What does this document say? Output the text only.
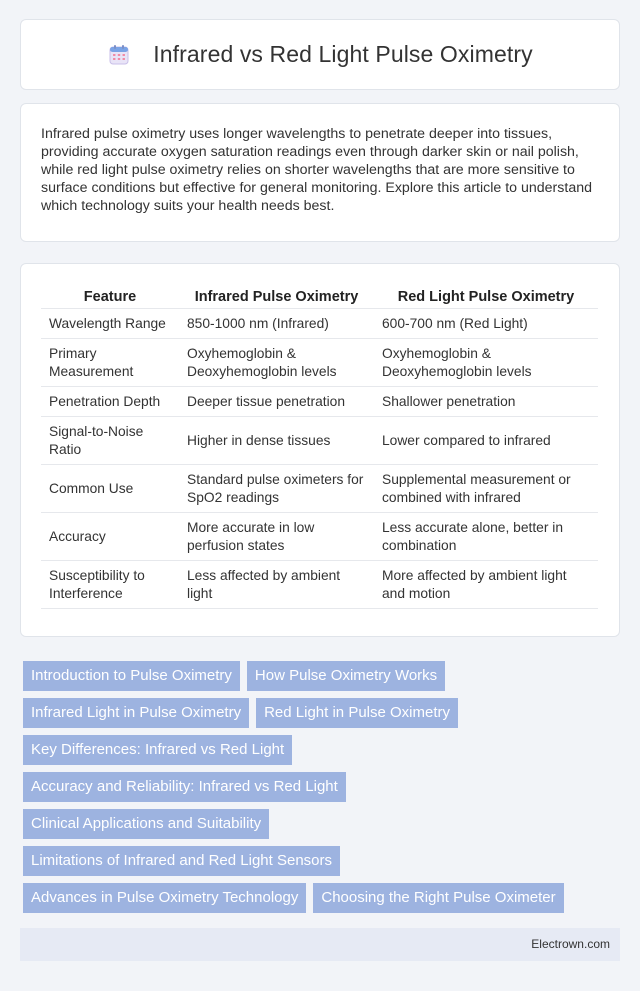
Infrared vs Red Light Pulse Oximetry

Infrared pulse oximetry uses longer wavelengths to penetrate deeper into tissues, providing accurate oxygen saturation readings even through darker skin or nail polish, while red light pulse oximetry relies on shorter wavelengths that are more sensitive to surface conditions but effective for general monitoring. Explore this article to understand which technology suits your health needs best.

Feature	Infrared Pulse Oximetry	Red Light Pulse Oximetry
Wavelength Range	850-1000 nm (Infrared)	600-700 nm (Red Light)
Primary Measurement	Oxyhemoglobin & Deoxyhemoglobin levels	Oxyhemoglobin & Deoxyhemoglobin levels
Penetration Depth	Deeper tissue penetration	Shallower penetration
Signal-to-Noise Ratio	Higher in dense tissues	Lower compared to infrared
Common Use	Standard pulse oximeters for SpO2 readings	Supplemental measurement or combined with infrared
Accuracy	More accurate in low perfusion states	Less accurate alone, better in combination
Susceptibility to Interference	Less affected by ambient light	More affected by ambient light and motion
Introduction to Pulse Oximetry	How Pulse Oximetry Works
Infrared Light in Pulse Oximetry	Red Light in Pulse Oximetry
Key Differences: Infrared vs Red Light
Accuracy and Reliability: Infrared vs Red Light
Clinical Applications and Suitability
Limitations of Infrared and Red Light Sensors
Advances in Pulse Oximetry Technology	Choosing the Right Pulse Oximeter
Electrown.com
